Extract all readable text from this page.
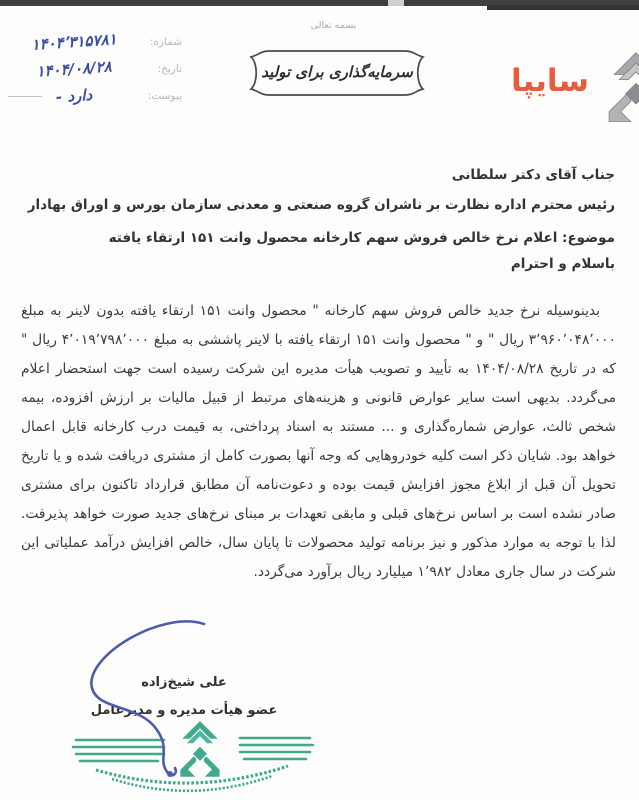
شماره:
۱۴۰۴٬۳۱۵۷۸۱
تاریخ:
۱۴۰۴/۰۸/۲۸
پیوست:
دارد -
بسمه تعالی
سرمایه‌گذاری برای تولید	سایپا
جناب آقای دکتر سلطانی
رئیس محترم اداره نظارت بر ناشران گروه صنعتی و معدنی سازمان بورس و اوراق بهادار
موضوع: اعلام نرخ خالص فروش سهم کارخانه محصول وانت ۱۵۱ ارتقاء یافته
باسلام و احترام

بدینوسیله نرخ جدید خالص فروش سهم کارخانه " محصول وانت ۱۵۱ ارتقاء یافته بدون لاینر به مبلغ ۳٬۹۶۰٬۰۴۸٬۰۰۰ ریال " و " محصول وانت ۱۵۱ ارتقاء یافته با لاینر پاششی به مبلغ ۴٬۰۱۹٬۷۹۸٬۰۰۰ ریال " که در تاریخ ۱۴۰۴/۰۸/۲۸ به تأیید و تصویب هیأت مدیره این شرکت رسیده است جهت استحضار اعلام می‌گردد. بدیهی است سایر عوارض قانونی و هزینه‌های مرتبط از قبیل مالیات بر ارزش افزوده، بیمه شخص ثالث، عوارض شماره‌گذاری و ... مستند به اسناد پرداختی، به قیمت درب کارخانه قابل اعمال خواهد بود. شایان ذکر است کلیه خودروهایی که وجه آنها بصورت کامل از مشتری دریافت شده و یا تاریخ تحویل آن قبل از ابلاغ مجوز افزایش قیمت بوده و دعوت‌نامه آن مطابق قرارداد تاکنون برای مشتری صادر نشده است بر اساس نرخ‌های قبلی و مابقی تعهدات بر مبنای نرخ‌های جدید صورت خواهد پذیرفت. لذا با توجه به موارد مذکور و نیز برنامه تولید محصولات تا پایان سال، خالص افزایش درآمد عملیاتی این شرکت در سال جاری معادل ۱٬۹۸۲ میلیارد ریال برآورد می‌گردد.

علی شیخ‌زاده
عضو هیأت مدیره و مدیرعامل
